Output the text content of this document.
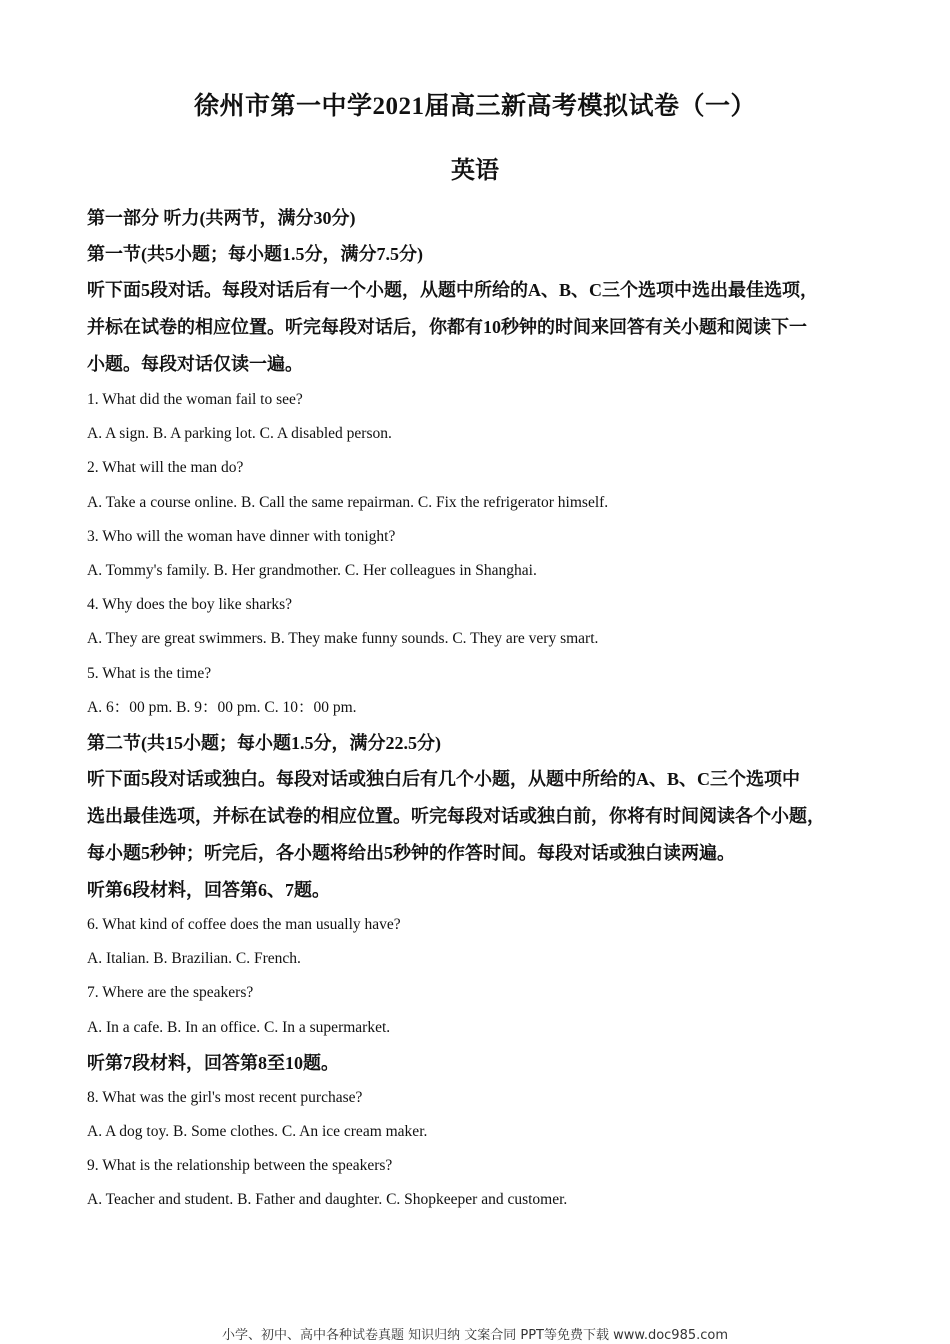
徐州市第一中学2021届高三新高考模拟试卷（一）
英语
第一部分 听力(共两节，满分30分)
第一节(共5小题；每小题1.5分，满分7.5分)
听下面5段对话。每段对话后有一个小题，从题中所给的A、B、C三个选项中选出最佳选项，
并标在试卷的相应位置。听完每段对话后，你都有10秒钟的时间来回答有关小题和阅读下一
小题。每段对话仅读一遍。
1. What did the woman fail to see?
A. A sign. B. A parking lot. C. A disabled person.
2. What will the man do?
A. Take a course online. B. Call the same repairman. C. Fix the refrigerator himself.
3. Who will the woman have dinner with tonight?
A. Tommy's family. B. Her grandmother. C. Her colleagues in Shanghai.
4. Why does the boy like sharks?
A. They are great swimmers. B. They make funny sounds. C. They are very smart.
5. What is the time?
A. 6：00 pm. B. 9：00 pm. C. 10：00 pm.
第二节(共15小题；每小题1.5分，满分22.5分)
听下面5段对话或独白。每段对话或独白后有几个小题，从题中所给的A、B、C三个选项中
选出最佳选项，并标在试卷的相应位置。听完每段对话或独白前，你将有时间阅读各个小题，
每小题5秒钟；听完后，各小题将给出5秒钟的作答时间。每段对话或独白读两遍。
听第6段材料，回答第6、7题。
6. What kind of coffee does the man usually have?
A. Italian. B. Brazilian. C. French.
7. Where are the speakers?
A. In a cafe. B. In an office. C. In a supermarket.
听第7段材料，回答第8至10题。
8. What was the girl's most recent purchase?
A. A dog toy. B. Some clothes. C. An ice cream maker.
9. What is the relationship between the speakers?
A. Teacher and student. B. Father and daughter. C. Shopkeeper and customer.
小学、初中、高中各种试卷真题 知识归纳 文案合同 PPT等免费下载 www.doc985.com
